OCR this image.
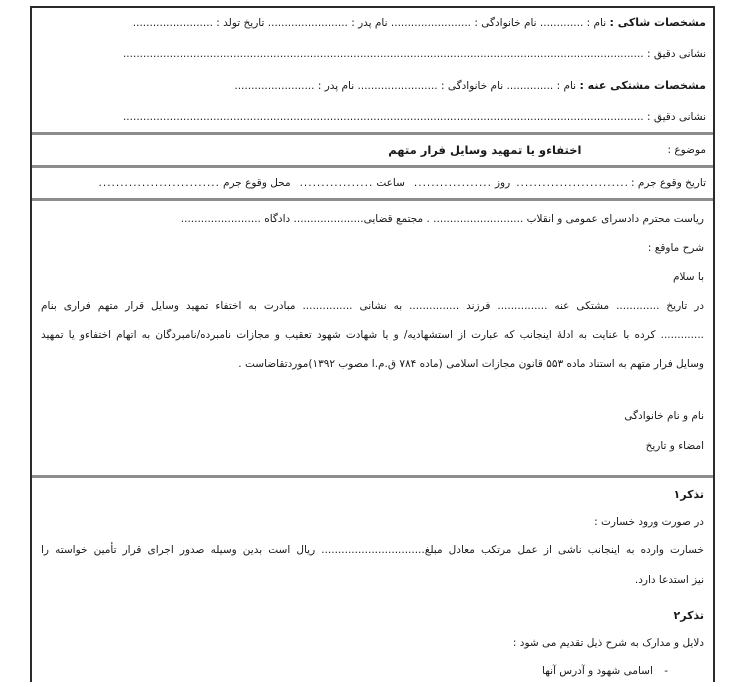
مشخصات شاکی : نام : ............. نام خانوادگی : ........................ نام پدر : ........................ تاریخ تولد : ........................
نشانی دقیق : ............................................................................................................................................................
مشخصات مشتکی عنه : نام : .............. نام خانوادگی : ........................ نام پدر : ........................
نشانی دقیق : ............................................................................................................................................................
موضوع :
اختفاءو یا تمهید وسایل فرار متهم
تاریخ وقوع جرم :
..........................
روز
..................
ساعت
.................
محل وقوع جرم
............................
ریاست محترم دادسرای عمومی و انقلاب ........................... . مجتمع قضایی..................... دادگاه ........................
شرح ماوقع :
با سلام
در تاریخ ............. مشتکی عنه ............... فرزند ............... به نشانی ............... مبادرت به اختفاء تمهید وسایل قرار متهم فراری بنام
............. کرده با عنایت به ادلهٔ اینجانب که عبارت از استشهادیه/ و یا شهادت شهود تعقیب و مجازات نامبرده/نامبردگان به اتهام اختفاءو یا تمهید
وسایل فرار متهم به استناد ماده ۵۵۳ قانون مجازات اسلامی (ماده ۷۸۴ ق.م.ا مصوب ۱۳۹۲)موردتقاضاست .
نام و نام خانوادگی
امضاء و تاریخ
تذکر۱
در صورت ورود خسارت :
خسارت وارده به اینجانب ناشی از عمل مرتکب معادل مبلغ............................... ریال است بدین وسیله صدور اجرای قرار تأمین خواسته را
نیز استدعا دارد.
تذکر۲
دلایل و مدارک به شرح ذیل تقدیم می شود :
- اسامی شهود و آدرس آنها
